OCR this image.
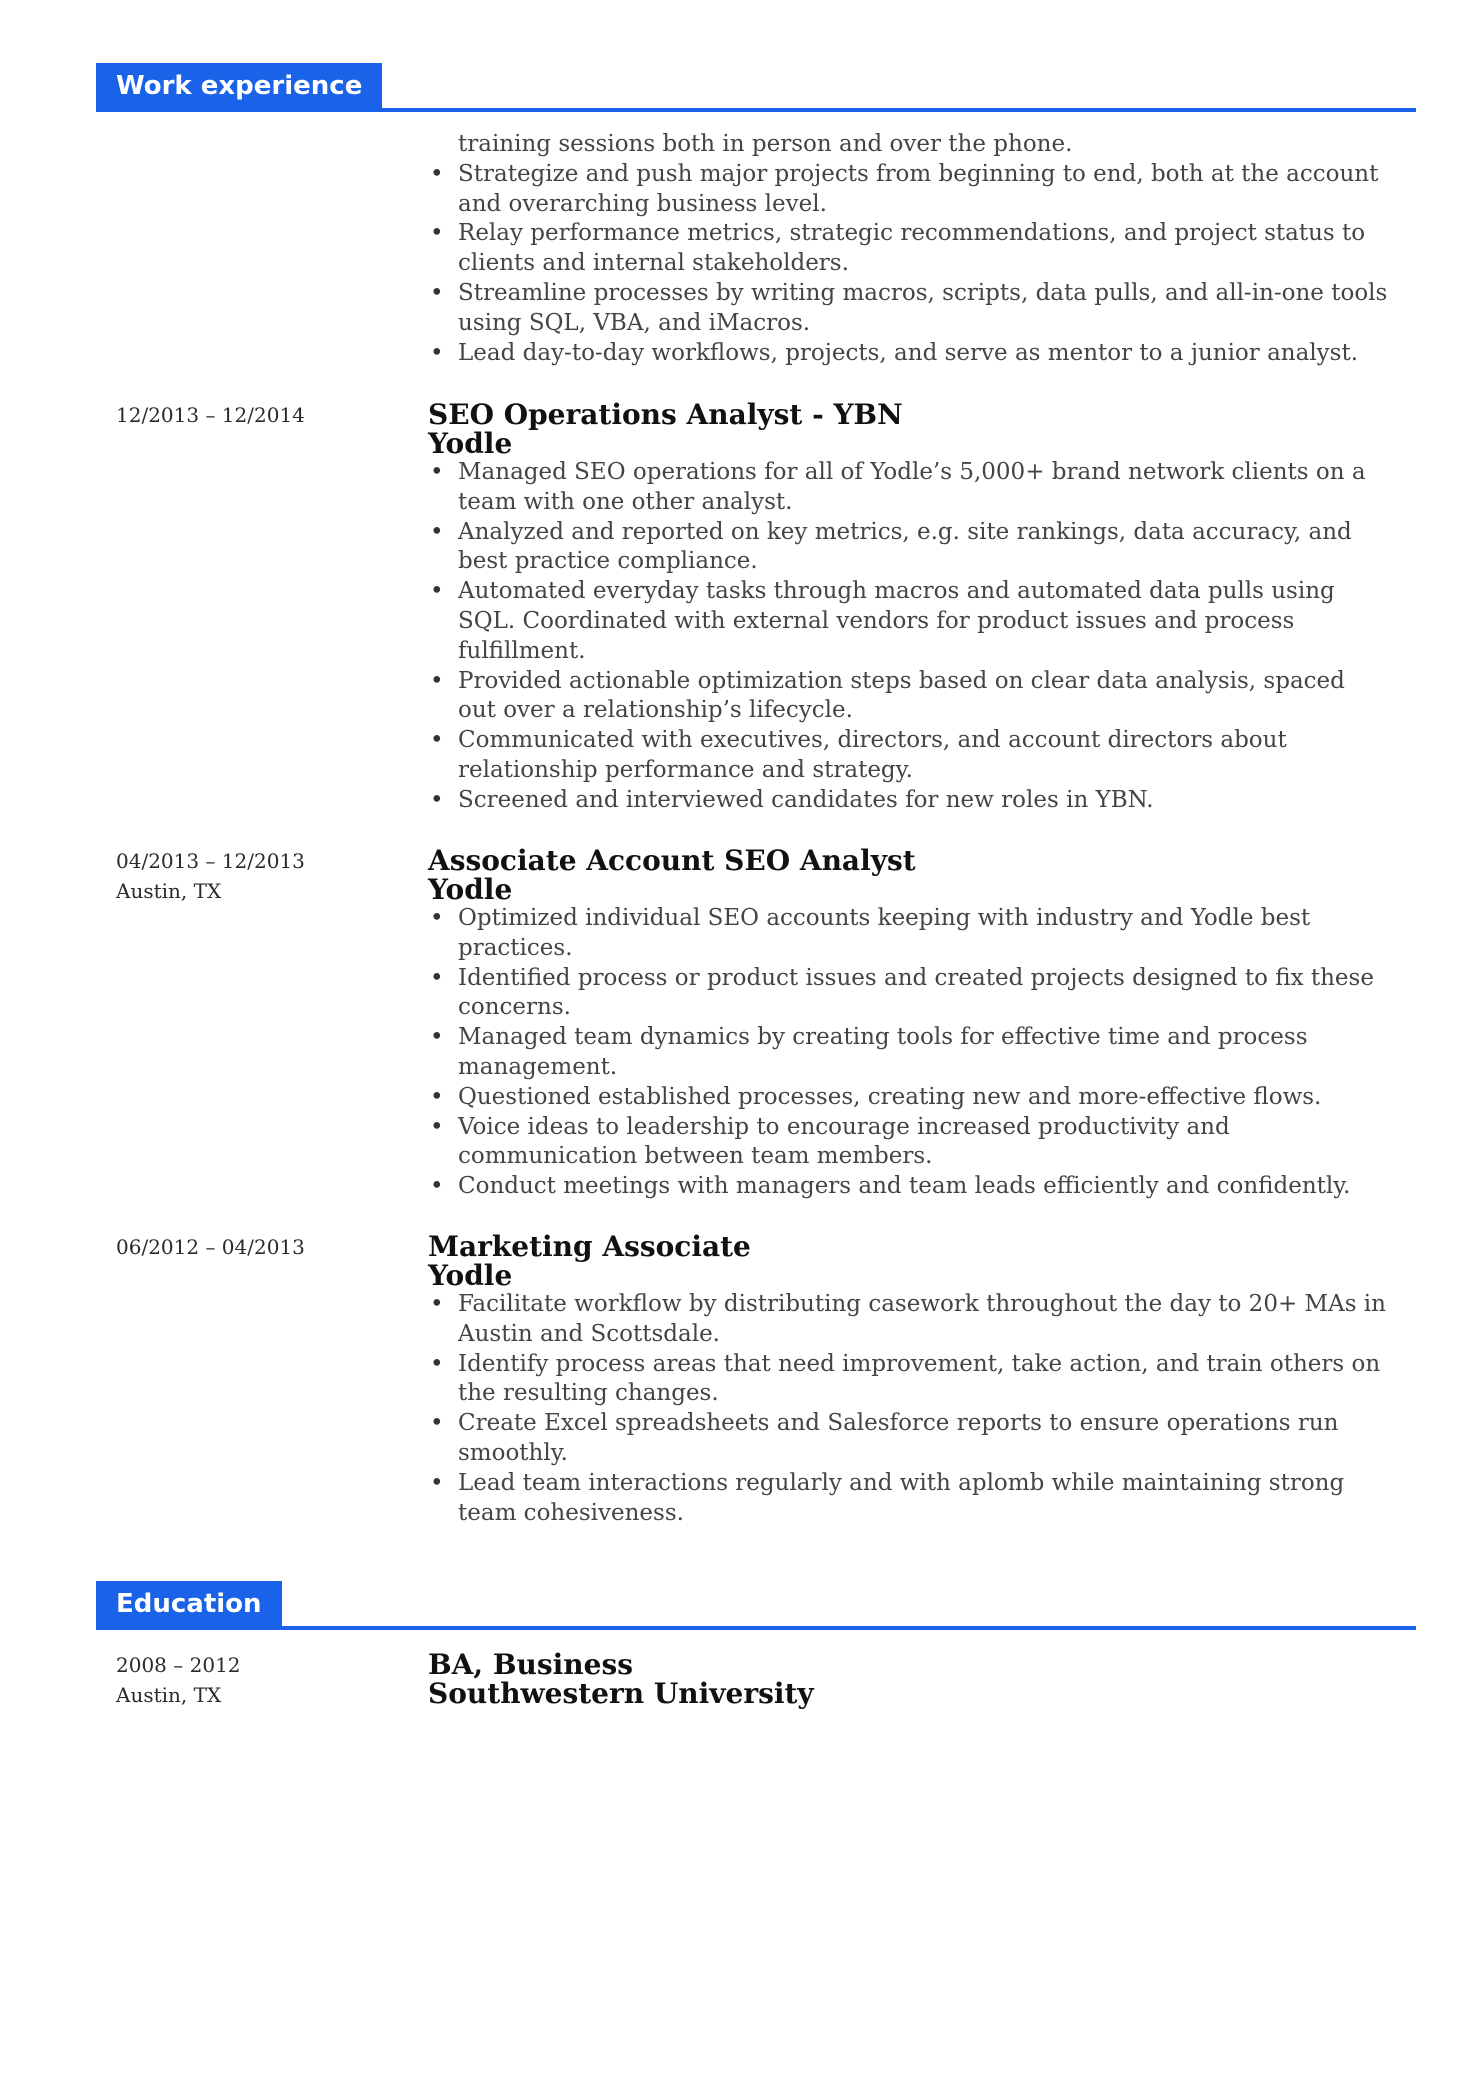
Work experience
training sessions both in person and over the phone.
• Strategize and push major projects from beginning to end, both at the account and overarching business level.
• Relay performance metrics, strategic recommendations, and project status to clients and internal stakeholders.
• Streamline processes by writing macros, scripts, data pulls, and all-in-one tools using SQL, VBA, and iMacros.
• Lead day-to-day workflows, projects, and serve as mentor to a junior analyst.
12/2013 – 12/2014	SEO Operations Analyst - YBN
Yodle
• Managed SEO operations for all of Yodle’s 5,000+ brand network clients on a team with one other analyst.
• Analyzed and reported on key metrics, e.g. site rankings, data accuracy, and best practice compliance.
• Automated everyday tasks through macros and automated data pulls using SQL. Coordinated with external vendors for product issues and process fulfillment.
• Provided actionable optimization steps based on clear data analysis, spaced out over a relationship’s lifecycle.
• Communicated with executives, directors, and account directors about relationship performance and strategy.
• Screened and interviewed candidates for new roles in YBN.
04/2013 – 12/2013
Austin, TX
Associate Account SEO Analyst
Yodle
• Optimized individual SEO accounts keeping with industry and Yodle best practices.
• Identified process or product issues and created projects designed to fix these concerns.
• Managed team dynamics by creating tools for effective time and process management.
• Questioned established processes, creating new and more-effective flows.
• Voice ideas to leadership to encourage increased productivity and communication between team members.
• Conduct meetings with managers and team leads efficiently and confidently.
06/2012 – 04/2013	Marketing Associate
Yodle
• Facilitate workflow by distributing casework throughout the day to 20+ MAs in Austin and Scottsdale.
• Identify process areas that need improvement, take action, and train others on the resulting changes.
• Create Excel spreadsheets and Salesforce reports to ensure operations run smoothly.
• Lead team interactions regularly and with aplomb while maintaining strong team cohesiveness.
Education
2008 – 2012
Austin, TX
BA, Business
Southwestern University
